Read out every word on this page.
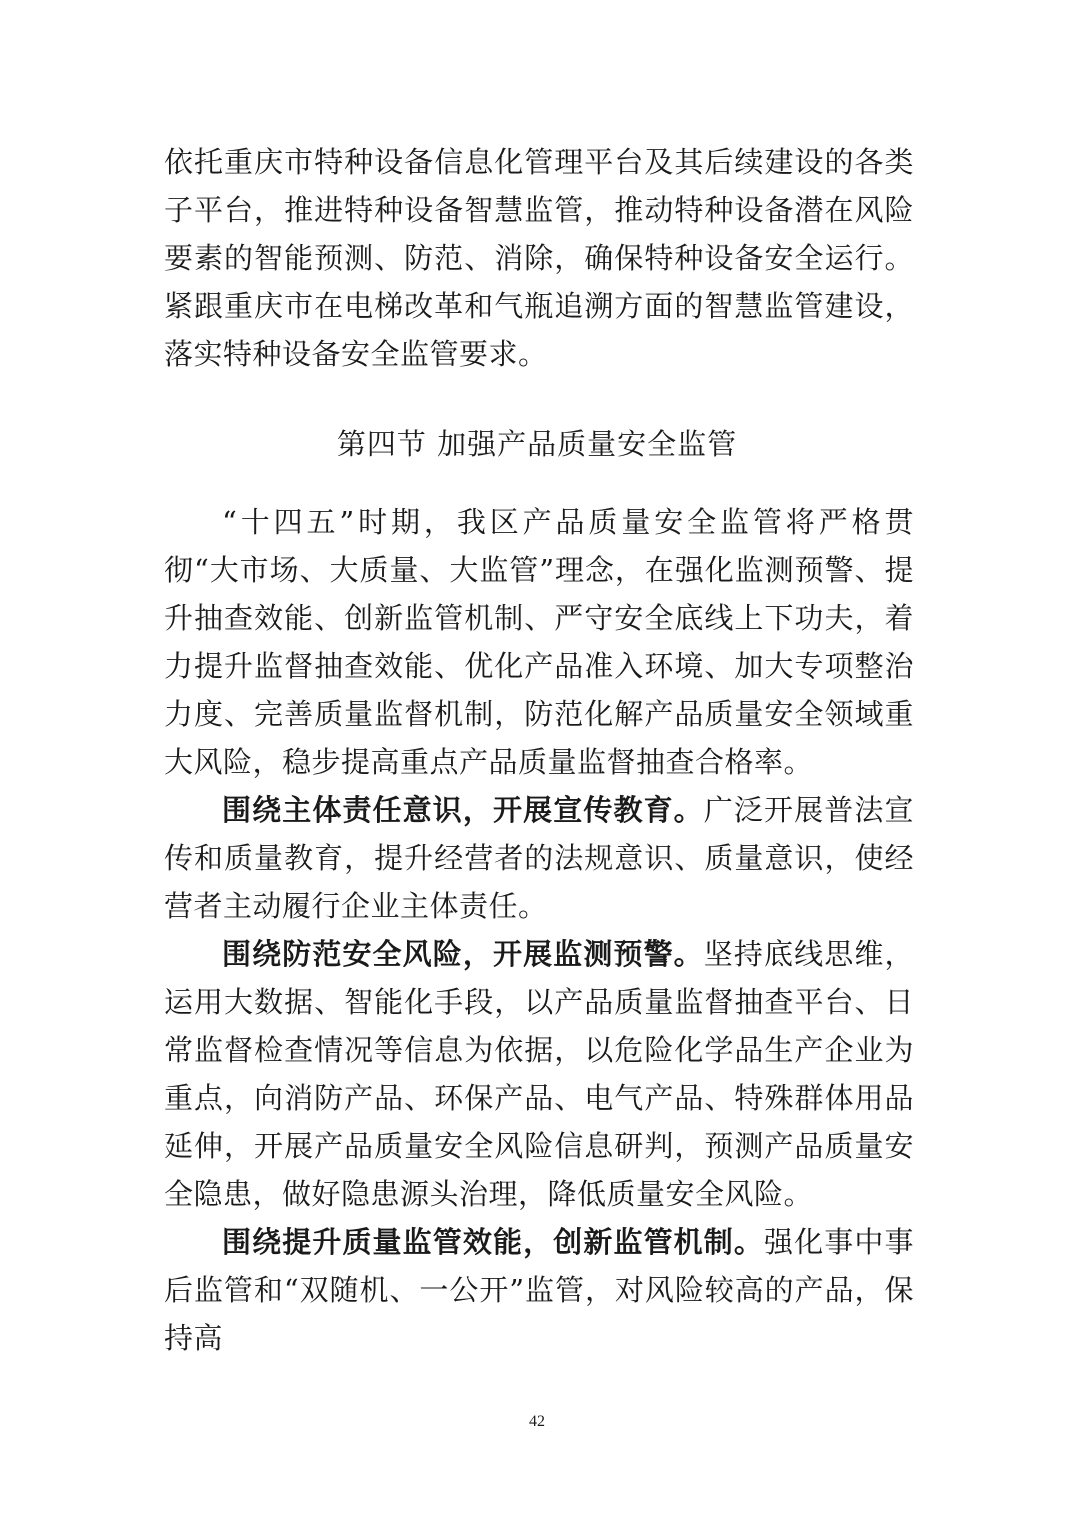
依托重庆市特种设备信息化管理平台及其后续建设的各类子平台，推进特种设备智慧监管，推动特种设备潜在风险要素的智能预测、防范、消除，确保特种设备安全运行。紧跟重庆市在电梯改革和气瓶追溯方面的智慧监管建设，落实特种设备安全监管要求。

第四节 加强产品质量安全监管

“十四五”时期，我区产品质量安全监管将严格贯彻“大市场、大质量、大监管”理念，在强化监测预警、提升抽查效能、创新监管机制、严守安全底线上下功夫，着力提升监督抽查效能、优化产品准入环境、加大专项整治力度、完善质量监督机制，防范化解产品质量安全领域重大风险，稳步提高重点产品质量监督抽查合格率。

围绕主体责任意识，开展宣传教育。广泛开展普法宣传和质量教育，提升经营者的法规意识、质量意识，使经营者主动履行企业主体责任。

围绕防范安全风险，开展监测预警。坚持底线思维，运用大数据、智能化手段，以产品质量监督抽查平台、日常监督检查情况等信息为依据，以危险化学品生产企业为重点，向消防产品、环保产品、电气产品、特殊群体用品延伸，开展产品质量安全风险信息研判，预测产品质量安全隐患，做好隐患源头治理，降低质量安全风险。

围绕提升质量监管效能，创新监管机制。强化事中事后监管和“双随机、一公开”监管，对风险较高的产品，保持高

42
